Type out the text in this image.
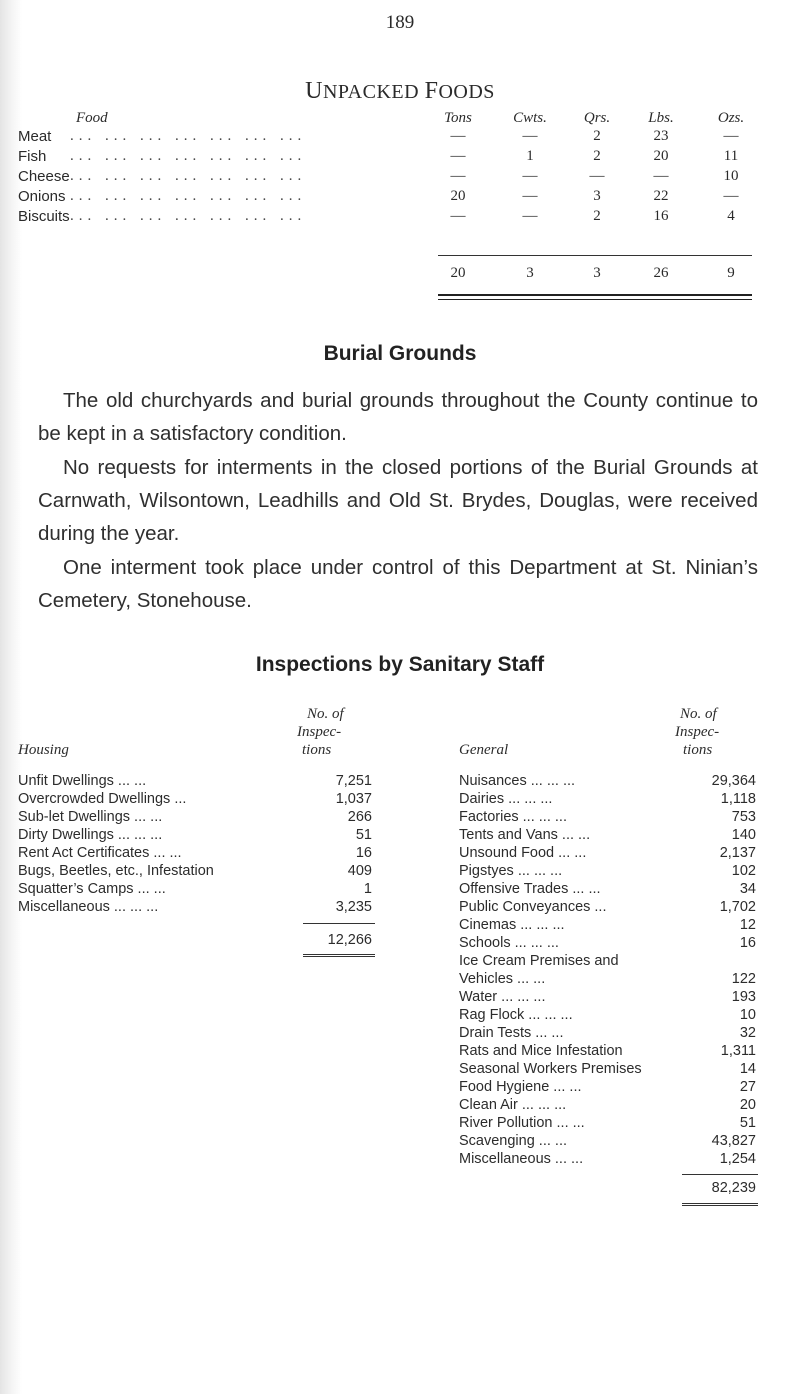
189
UNPACKED FOODS
Food	Tons	Cwts.	Qrs.	Lbs.	Ozs.
Meat ... ... ... ... ... ... ...	—	—	2	23	—
Fish ... ... ... ... ... ... ...	—	1	2	20	11
Cheese ... ... ... ... ... ... ...	—	—	—	—	10
Onions ... ... ... ... ... ... ...	20	—	3	22	—
Biscuits ... ... ... ... ... ... ...	—	—	2	16	4
20	3	3	26	9
Burial Grounds
The old churchyards and burial grounds throughout the County continue to be kept in a satisfactory condition.
No requests for interments in the closed portions of the Burial Grounds at Carnwath, Wilsontown, Leadhills and Old St. Brydes, Douglas, were received during the year.
One interment took place under control of this Department at St. Ninian’s Cemetery, Stonehouse.
Inspections by Sanitary Staff
No. of
Inspec-
tions
Housing
No. of
Inspec-
tions
General
Unfit Dwellings ... ...	7,251
Overcrowded Dwellings ...	1,037
Sub-let Dwellings ... ...	266
Dirty Dwellings ... ... ...	51
Rent Act Certificates ... ...	16
Bugs, Beetles, etc., Infestation	409
Squatter’s Camps ... ...	1
Miscellaneous ... ... ...	3,235
12,266
Nuisances ... ... ...	29,364
Dairies ... ... ...	1,118
Factories ... ... ...	753
Tents and Vans ... ...	140
Unsound Food ... ...	2,137
Pigstyes ... ... ...	102
Offensive Trades ... ...	34
Public Conveyances ...	1,702
Cinemas ... ... ...	12
Schools ... ... ...	16
Ice Cream Premises and
Vehicles ... ...	122
Water ... ... ...	193
Rag Flock ... ... ...	10
Drain Tests ... ...	32
Rats and Mice Infestation	1,311
Seasonal Workers Premises	14
Food Hygiene ... ...	27
Clean Air ... ... ...	20
River Pollution ... ...	51
Scavenging ... ...	43,827
Miscellaneous ... ...	1,254
82,239
